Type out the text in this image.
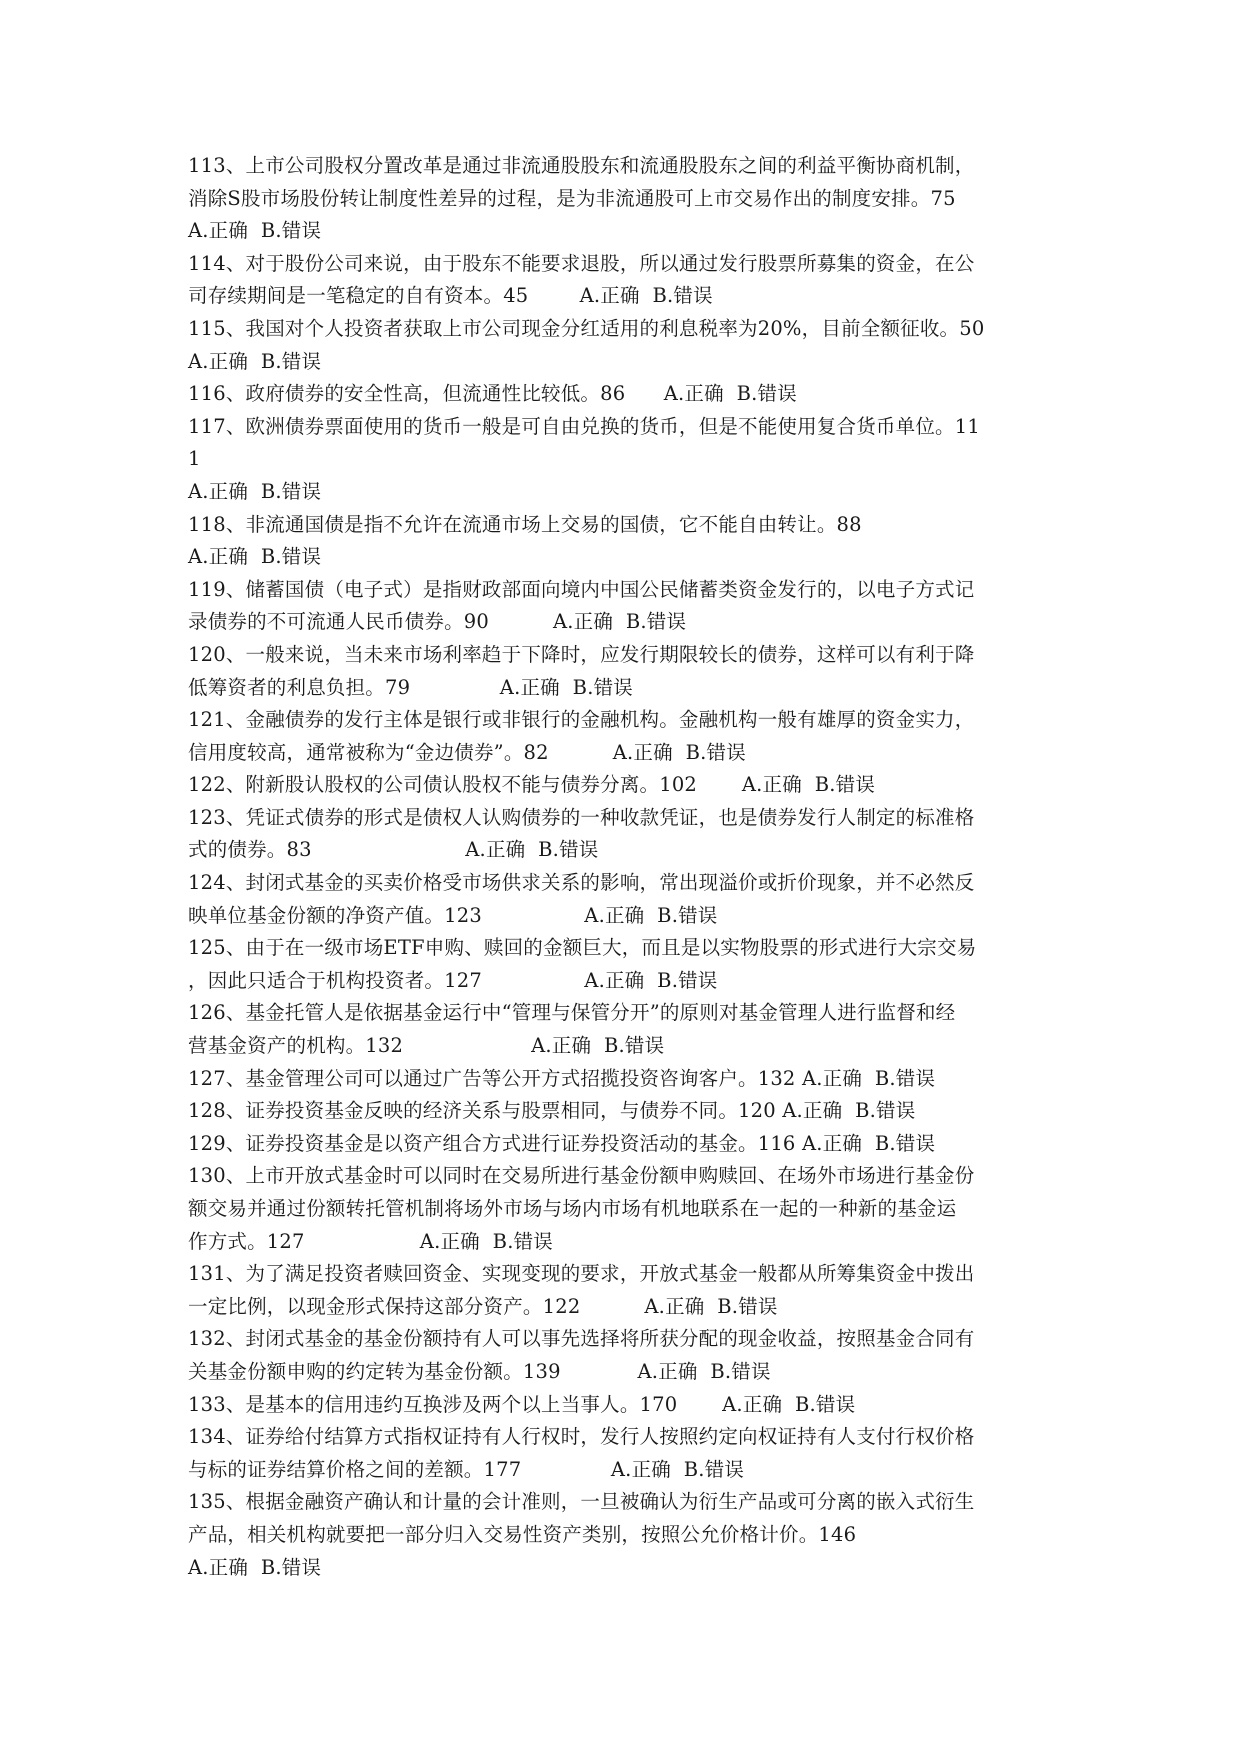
113、上市公司股权分置改革是通过非流通股股东和流通股股东之间的利益平衡协商机制，
消除S股市场股份转让制度性差异的过程，是为非流通股可上市交易作出的制度安排。75
A.正确  B.错误
114、对于股份公司来说，由于股东不能要求退股，所以通过发行股票所募集的资金，在公
司存续期间是一笔稳定的自有资本。45        A.正确  B.错误
115、我国对个人投资者获取上市公司现金分红适用的利息税率为20%，目前全额征收。50
A.正确  B.错误
116、政府债券的安全性高，但流通性比较低。86      A.正确  B.错误
117、欧洲债券票面使用的货币一般是可自由兑换的货币，但是不能使用复合货币单位。11
1
A.正确  B.错误
118、非流通国债是指不允许在流通市场上交易的国债，它不能自由转让。88
A.正确  B.错误
119、储蓄国债（电子式）是指财政部面向境内中国公民储蓄类资金发行的，以电子方式记
录债券的不可流通人民币债券。90          A.正确  B.错误
120、一般来说，当未来市场利率趋于下降时，应发行期限较长的债券，这样可以有利于降
低筹资者的利息负担。79              A.正确  B.错误
121、金融债券的发行主体是银行或非银行的金融机构。金融机构一般有雄厚的资金实力，
信用度较高，通常被称为“金边债券”。82          A.正确  B.错误
122、附新股认股权的公司债认股权不能与债券分离。102       A.正确  B.错误
123、凭证式债券的形式是债权人认购债券的一种收款凭证，也是债券发行人制定的标准格
式的债券。83                        A.正确  B.错误
124、封闭式基金的买卖价格受市场供求关系的影响，常出现溢价或折价现象，并不必然反
映单位基金份额的净资产值。123                A.正确  B.错误
125、由于在一级市场ETF申购、赎回的金额巨大，而且是以实物股票的形式进行大宗交易
，因此只适合于机构投资者。127                A.正确  B.错误
126、基金托管人是依据基金运行中“管理与保管分开”的原则对基金管理人进行监督和经
营基金资产的机构。132                    A.正确  B.错误
127、基金管理公司可以通过广告等公开方式招揽投资咨询客户。132 A.正确  B.错误
128、证券投资基金反映的经济关系与股票相同，与债券不同。120 A.正确  B.错误
129、证券投资基金是以资产组合方式进行证券投资活动的基金。116 A.正确  B.错误
130、上市开放式基金时可以同时在交易所进行基金份额申购赎回、在场外市场进行基金份
额交易并通过份额转托管机制将场外市场与场内市场有机地联系在一起的一种新的基金运
作方式。127                  A.正确  B.错误
131、为了满足投资者赎回资金、实现变现的要求，开放式基金一般都从所筹集资金中拨出
一定比例，以现金形式保持这部分资产。122          A.正确  B.错误
132、封闭式基金的基金份额持有人可以事先选择将所获分配的现金收益，按照基金合同有
关基金份额申购的约定转为基金份额。139            A.正确  B.错误
133、是基本的信用违约互换涉及两个以上当事人。170       A.正确  B.错误
134、证券给付结算方式指权证持有人行权时，发行人按照约定向权证持有人支付行权价格
与标的证券结算价格之间的差额。177              A.正确  B.错误
135、根据金融资产确认和计量的会计准则，一旦被确认为衍生产品或可分离的嵌入式衍生
产品，相关机构就要把一部分归入交易性资产类别，按照公允价格计价。146
A.正确  B.错误
